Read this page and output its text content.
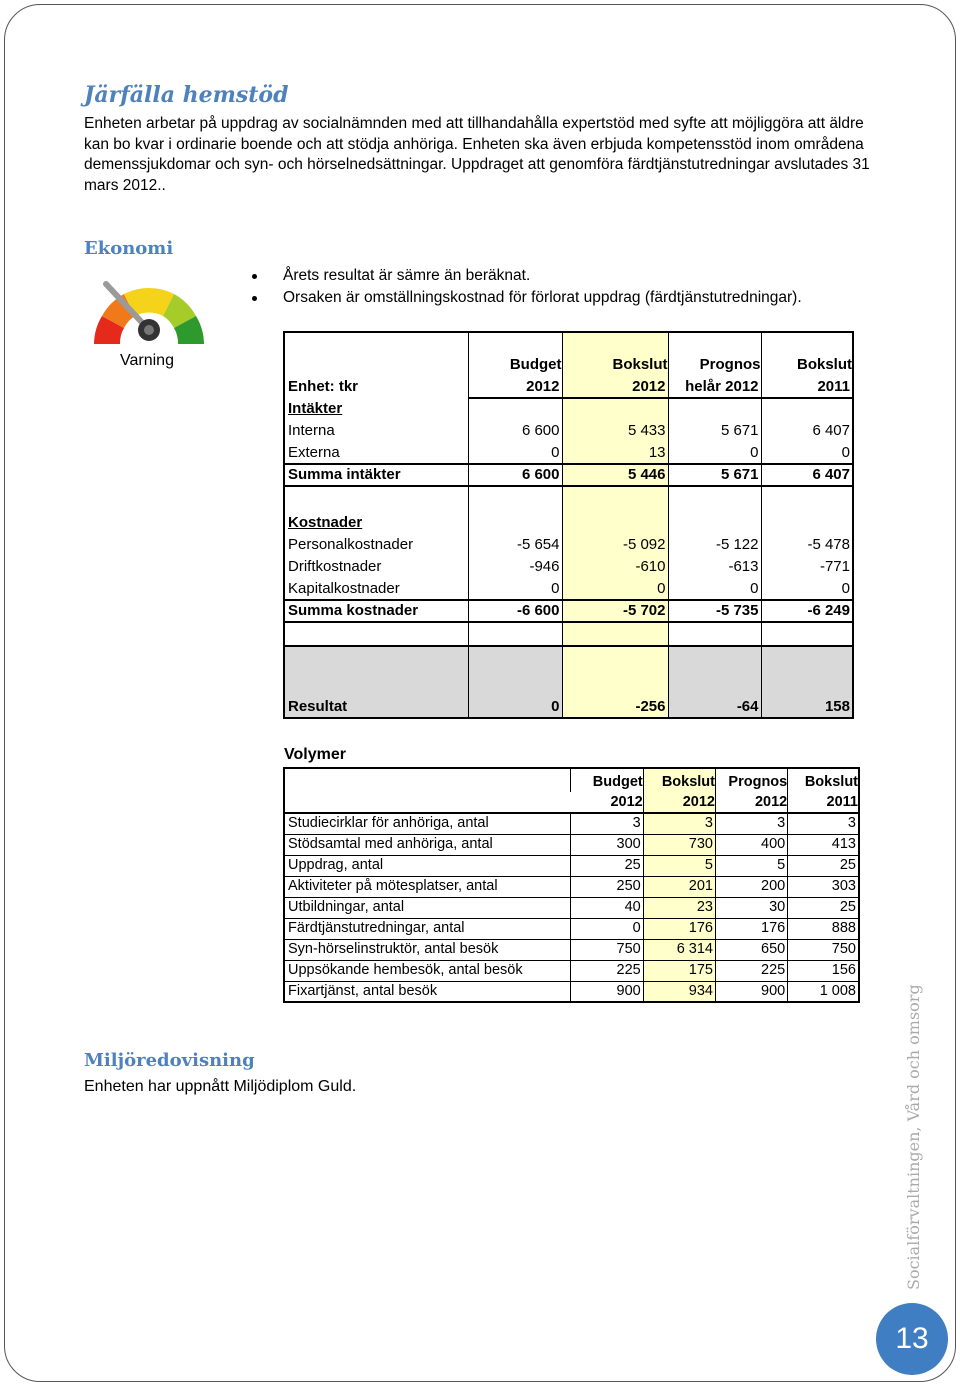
Järfälla hemstöd

Enheten arbetar på uppdrag av socialnämnden med att tillhandahålla expertstöd med syfte att möjliggöra att äldre kan bo kvar i ordinarie boende och att stödja anhöriga. Enheten ska även erbjuda kompetensstöd inom områdena demenssjukdomar och syn- och hörselnedsättningar. Uppdraget att genomföra färdtjänstutredningar avslutades 31 mars 2012..

Ekonomi
Årets resultat är sämre än beräknat.
Orsaken är omställningskostnad för förlorat uppdrag (färdtjänstutredningar).
Varning
Enhet: tkr	Budget	Bokslut	Prognos	Bokslut
	2012	2012	helår 2012	2011
Intäkter				
Interna	6 600	5 433	5 671	6 407
Externa	0	13	0	0
Summa intäkter	6 600	5 446	5 671	6 407

Kostnader				
Personalkostnader	-5 654	-5 092	-5 122	-5 478
Driftkostnader	-946	-610	-613	-771
Kapitalkostnader	0	0	0	0
Summa kostnader	-6 600	-5 702	-5 735	-6 249

Resultat	0	-256	-64	158
Volymer
	Budget	Bokslut	Prognos	Bokslut
	2012	2012	2012	2011
Studiecirklar för anhöriga, antal	3	3	3	3
Stödsamtal med anhöriga, antal	300	730	400	413
Uppdrag, antal	25	5	5	25
Aktiviteter på mötesplatser, antal	250	201	200	303
Utbildningar, antal	40	23	30	25
Färdtjänstutredningar, antal	0	176	176	888
Syn-hörselinstruktör, antal besök	750	6 314	650	750
Uppsökande hembesök, antal besök	225	175	225	156
Fixartjänst, antal besök	900	934	900	1 008
Miljöredovisning

Enheten har uppnått Miljödiplom Guld.	Socialförvaltningen, Vård och omsorg
13
